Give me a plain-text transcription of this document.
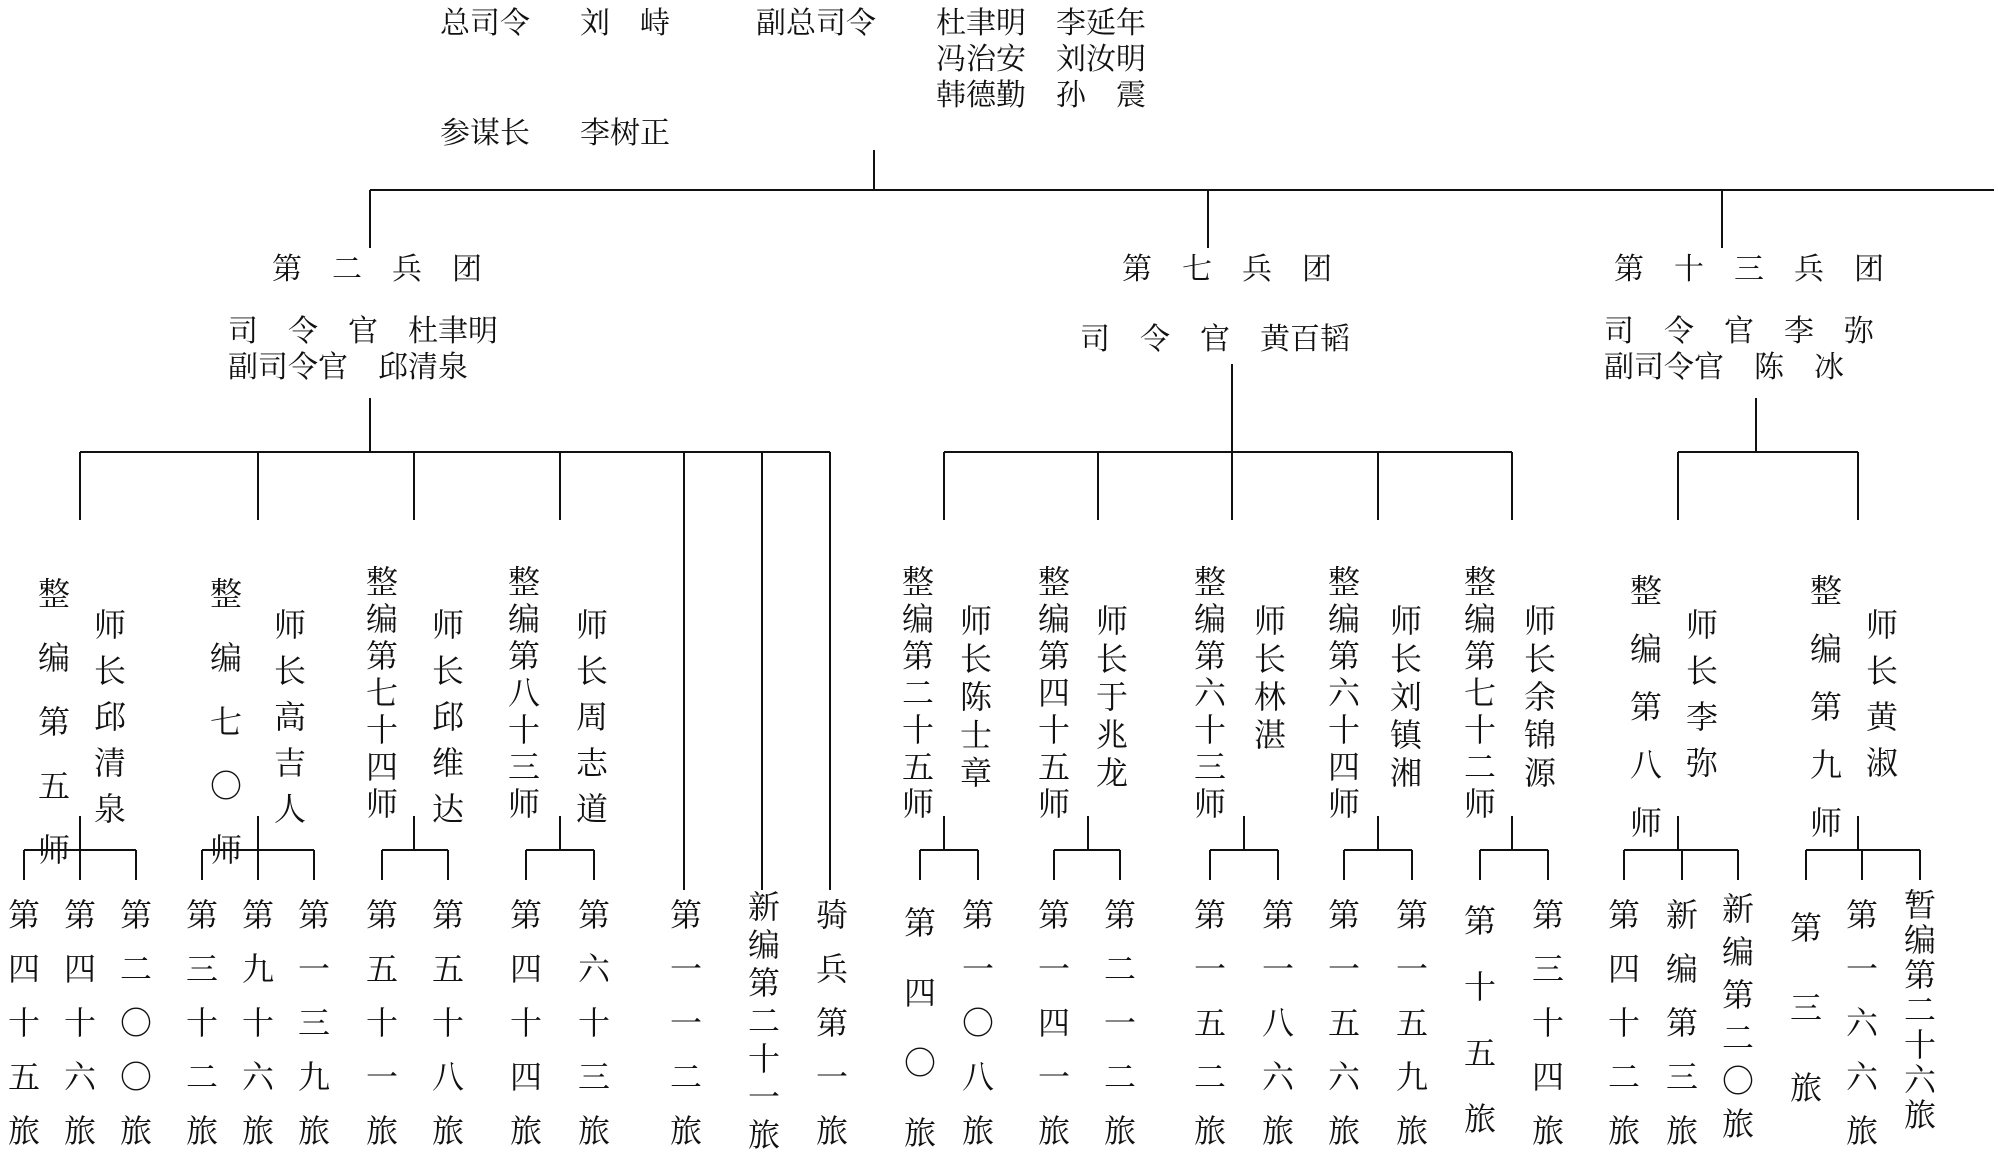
总司令 刘　峙	副总司令 杜聿明　李延年
冯治安　刘汝明
韩德勤　孙　震
参谋长 李树正
第　二　兵　团
司　令　官　杜聿明
副司令官　邱清泉
第　七　兵　团
司　令　官　黄百韬
第　十　三　兵　团
司　令　官　李　弥
副司令官　陈　冰
整编第五师
师长邱清泉
整编七〇师
师长高吉人
整编第七十四师
师长邱维达
整编第八十三师
师长周志道
整编第二十五师
师长陈士章
整编第四十五师
师长于兆龙
整编第六十三师
师长林　湛
整编第六十四师
师长刘镇湘
整编第七十二师
师长余锦源
整编第八师
师长李　弥
整编第九师
师长黄　淑
第四十五旅
第四十六旅
第二〇〇旅
第三十二旅
第九十六旅
第一三九旅
第五十一旅
第五十八旅
第四十四旅
第六十三旅
第一一二旅
新编第二十一旅
骑兵第一旅
第四〇旅
第一〇八旅
第一四一旅
第二一二旅
第一五二旅
第一八六旅
第一五六旅
第一五九旅
第十五旅
第三十四旅
第四十二旅
新编第三旅
新编第二〇旅
第三旅
第一六六旅
暂编第二十六旅
